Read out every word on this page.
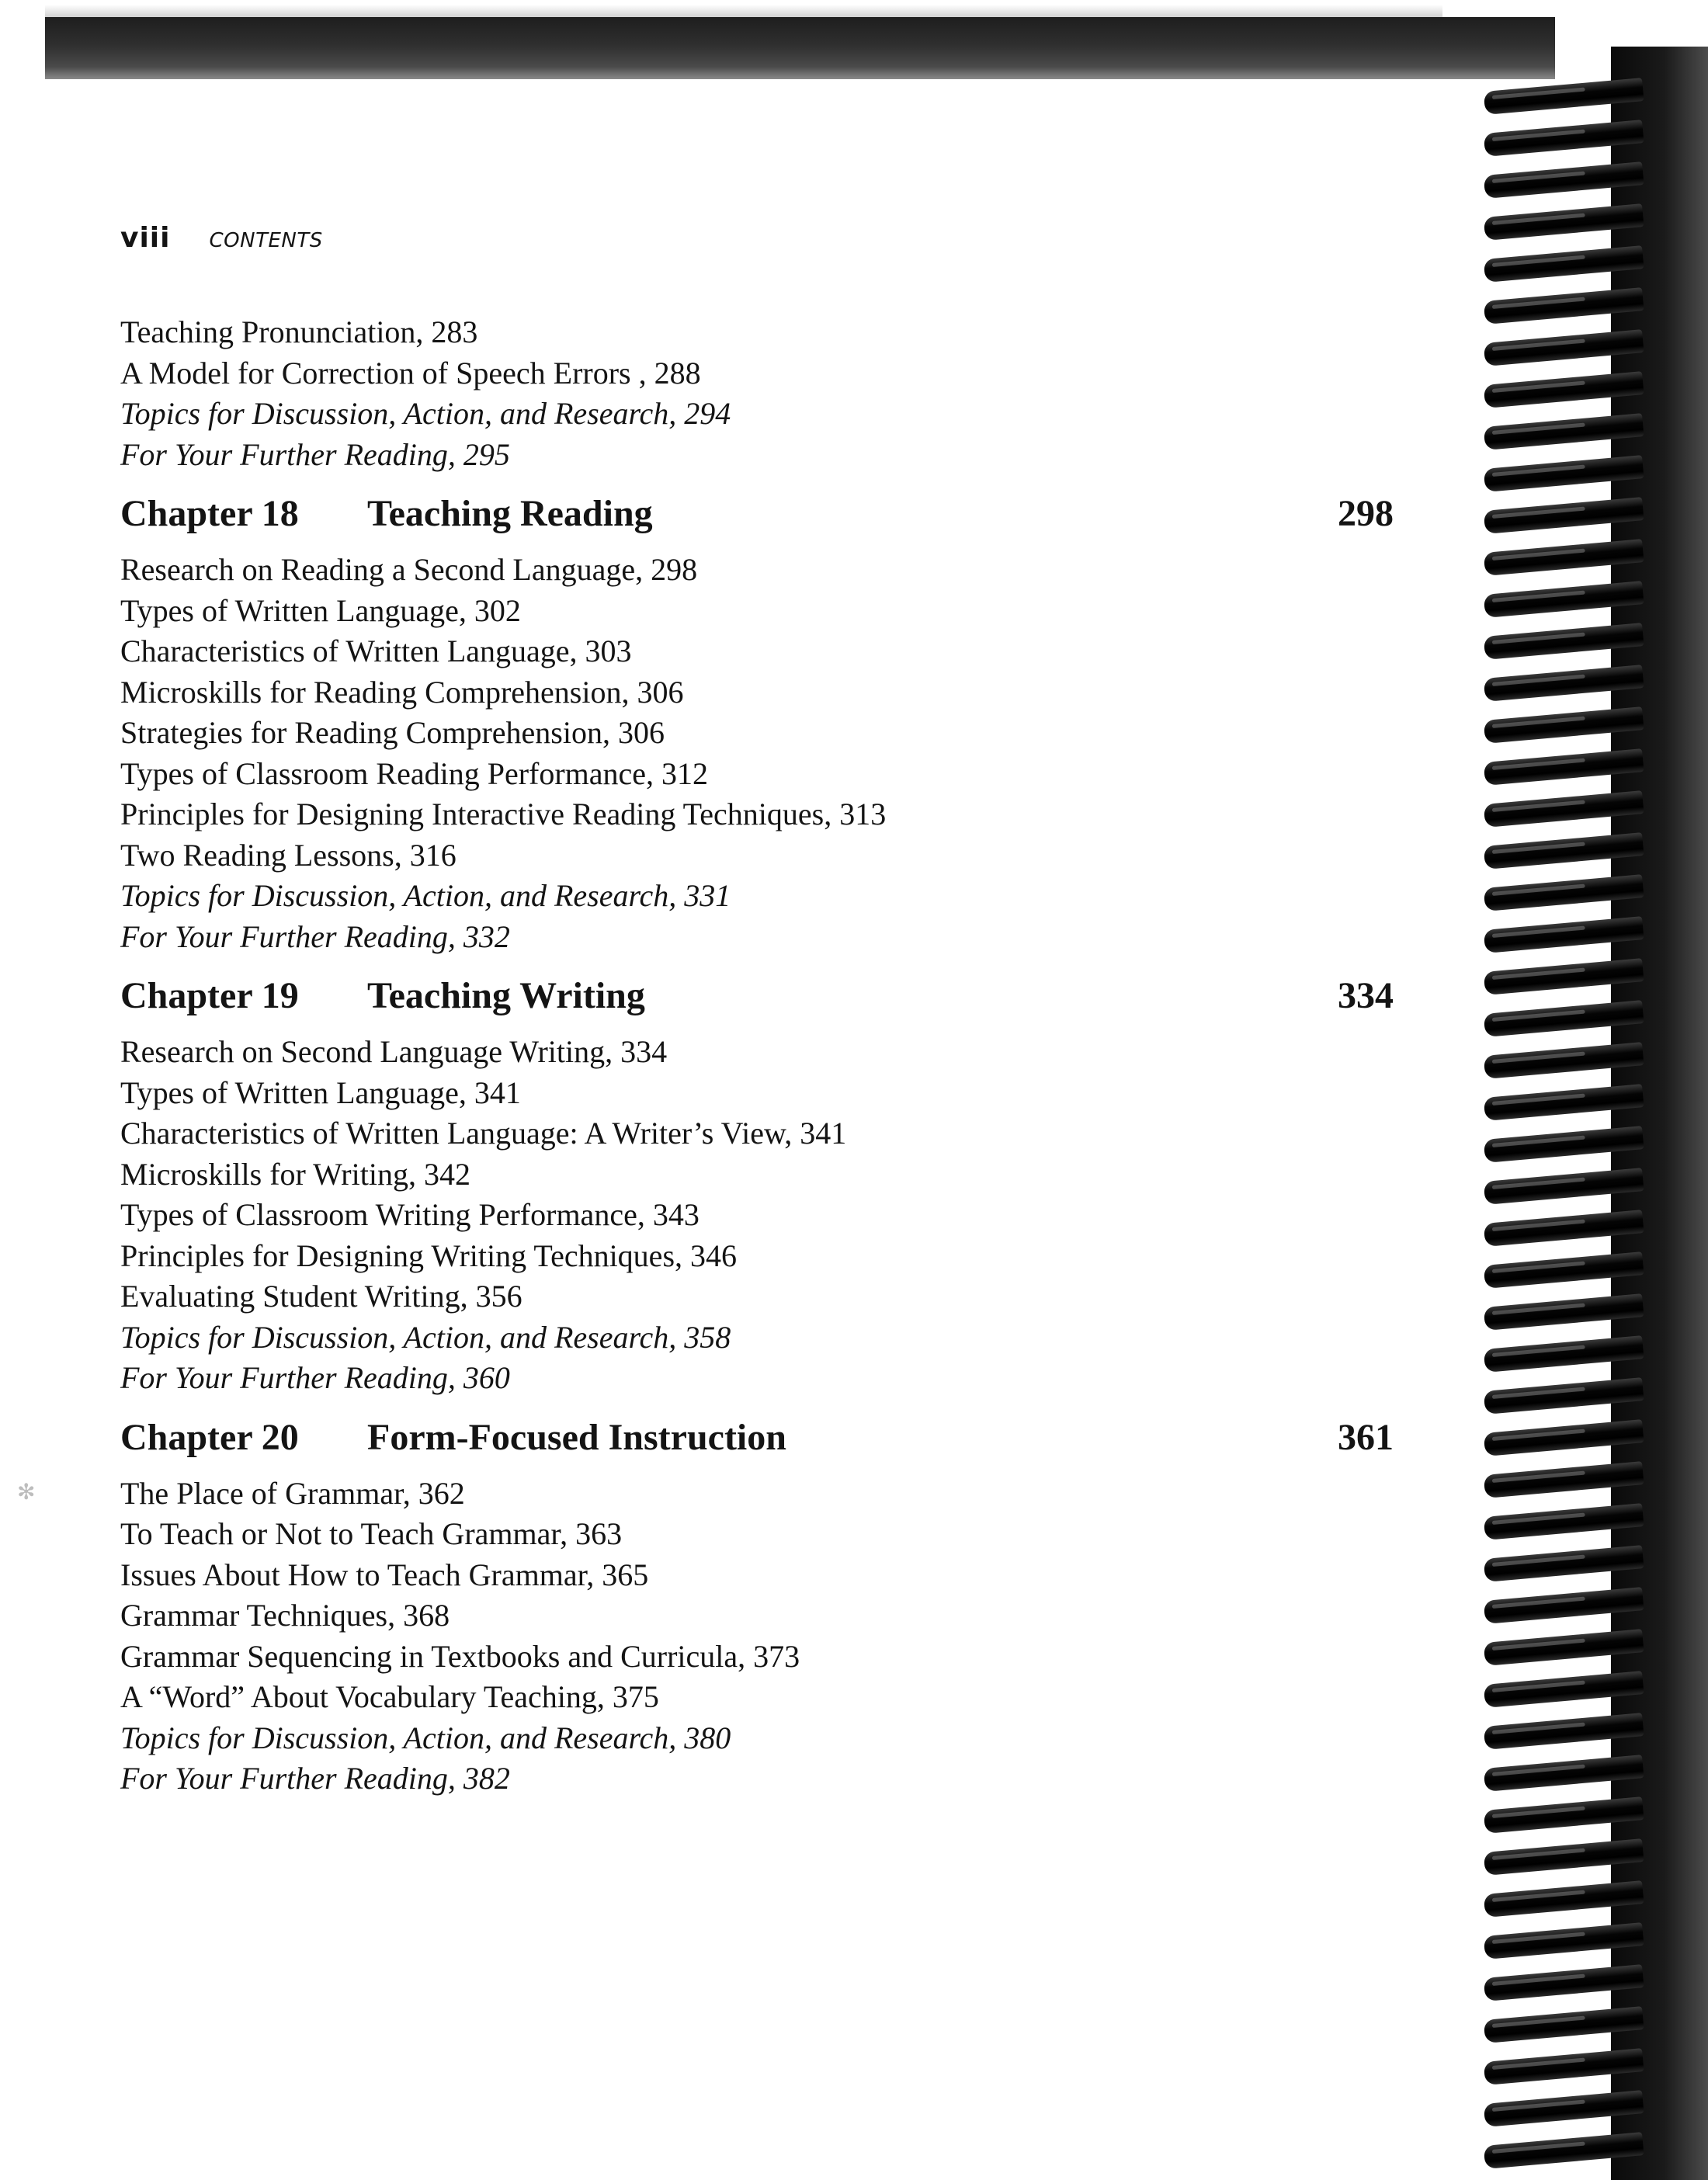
✻
viii CONTENTS
Teaching Pronunciation, 283
A Model for Correction of Speech Errors , 288
Topics for Discussion, Action, and Research, 294
For Your Further Reading, 295
Chapter 18 Teaching Reading	298
Research on Reading a Second Language, 298
Types of Written Language, 302
Characteristics of Written Language, 303
Microskills for Reading Comprehension, 306
Strategies for Reading Comprehension, 306
Types of Classroom Reading Performance, 312
Principles for Designing Interactive Reading Techniques, 313
Two Reading Lessons, 316
Topics for Discussion, Action, and Research, 331
For Your Further Reading, 332
Chapter 19 Teaching Writing	334
Research on Second Language Writing, 334
Types of Written Language, 341
Characteristics of Written Language: A Writer’s View, 341
Microskills for Writing, 342
Types of Classroom Writing Performance, 343
Principles for Designing Writing Techniques, 346
Evaluating Student Writing, 356
Topics for Discussion, Action, and Research, 358
For Your Further Reading, 360
Chapter 20 Form-Focused Instruction	361
The Place of Grammar, 362
To Teach or Not to Teach Grammar, 363
Issues About How to Teach Grammar, 365
Grammar Techniques, 368
Grammar Sequencing in Textbooks and Curricula, 373
A “Word” About Vocabulary Teaching, 375
Topics for Discussion, Action, and Research, 380
For Your Further Reading, 382
